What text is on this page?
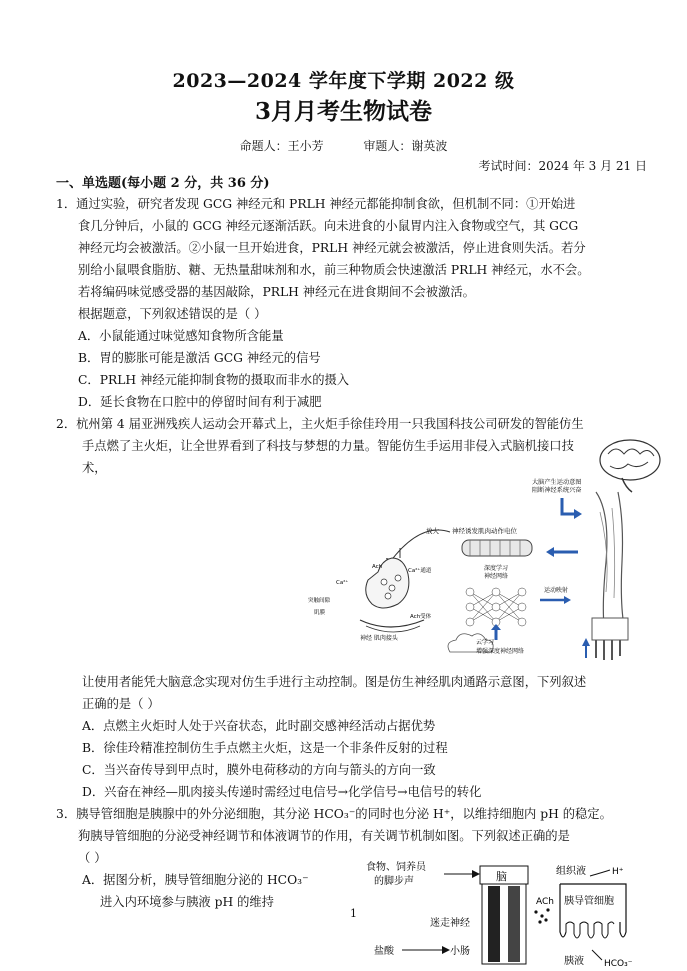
2023—2024 学年度下学期 2022 级
3月月考生物试卷
命题人：王小芳	审题人：谢英波
考试时间：2024 年 3 月 21 日
一、单选题(每小题 2 分，共 36 分)
1．通过实验，研究者发现 GCG 神经元和 PRLH 神经元都能抑制食欲，但机制不同：①开始进
食几分钟后，小鼠的 GCG 神经元逐渐活跃。向未进食的小鼠胃内注入食物或空气，其 GCG
神经元均会被激活。②小鼠一旦开始进食，PRLH 神经元就会被激活，停止进食则失活。若分
别给小鼠喂食脂肪、糖、无热量甜味剂和水，前三种物质会快速激活 PRLH 神经元，水不会。
若将编码味觉感受器的基因敲除，PRLH 神经元在进食期间不会被激活。
根据题意，下列叙述错误的是（ ）
A．小鼠能通过味觉感知食物所含能量
B．胃的膨胀可能是激活 GCG 神经元的信号
C．PRLH 神经元能抑制食物的摄取而非水的摄入
D．延长食物在口腔中的停留时间有利于减肥
2．杭州第 4 届亚洲残疾人运动会开幕式上，主火炬手徐佳玲用一只我国科技公司研发的智能仿生
手点燃了主火炬，让全世界看到了科技与梦想的力量。智能仿生手运用非侵入式脑机接口技
术，
大脑产生运动意图
阻断神经系统兴奋
神经诱发肌肉动作电位
深度学习
神经网络
运动映射
云学习
增强深度神经网络
放大
Ach
Ca²⁺通道
Ca²⁺
突触间隙
肌膜
Ach受体
神经 肌肉接头
让使用者能凭大脑意念实现对仿生手进行主动控制。图是仿生神经肌肉通路示意图，下列叙述
正确的是（ ）
A．点燃主火炬时人处于兴奋状态，此时副交感神经活动占据优势
B．徐佳玲精准控制仿生手点燃主火炬，这是一个非条件反射的过程
C．当兴奋传导到甲点时，膜外电荷移动的方向与箭头的方向一致
D．兴奋在神经—肌肉接头传递时需经过电信号→化学信号→电信号的转化
3．胰导管细胞是胰腺中的外分泌细胞，其分泌 HCO₃⁻的同时也分泌 H⁺，以维持细胞内 pH 的稳定。
狗胰导管细胞的分泌受神经调节和体液调节的作用，有关调节机制如图。下列叙述正确的是
（ ）
A．据图分析，胰导管细胞分泌的 HCO₃⁻
进入内环境参与胰液 pH 的维持
食物、饲养员
的脚步声	脑
迷走神经
盐酸	小肠
ACh
组织液	H⁺
胰导管细胞
胰液 HCO₃⁻
1
